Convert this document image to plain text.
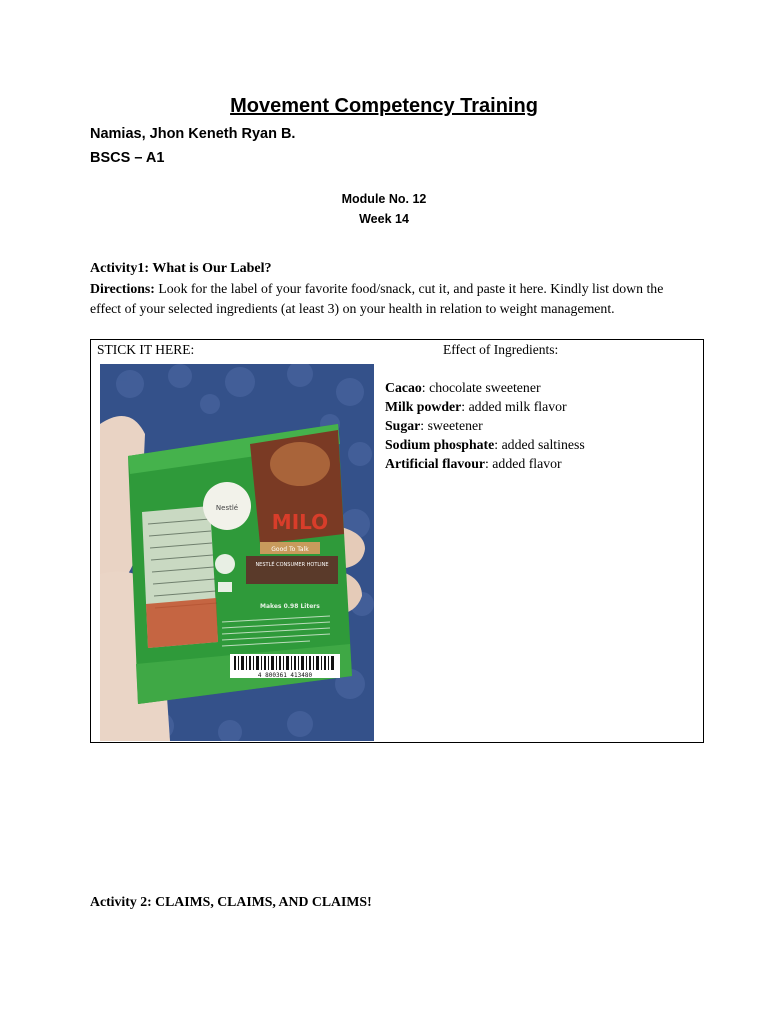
Movement Competency Training
Namias, Jhon Keneth Ryan B.
BSCS – A1
Module No. 12
Week 14
Activity1: What is Our Label?
Directions: Look for the label of your favorite food/snack, cut it, and paste it here. Kindly list down the effect of your selected ingredients (at least 3) on your health in relation to weight management.
STICK IT HERE:	Effect of Ingredients:
Nestlé
MILO
Good To Talk
NESTLÉ CONSUMER HOTLINE
Makes 0.98 Liters
4 800361 413480
Cacao: chocolate sweetener
Milk powder: added milk flavor
Sugar: sweetener
Sodium phosphate: added saltiness
Artificial flavour: added flavor
Activity 2: CLAIMS, CLAIMS, AND CLAIMS!
